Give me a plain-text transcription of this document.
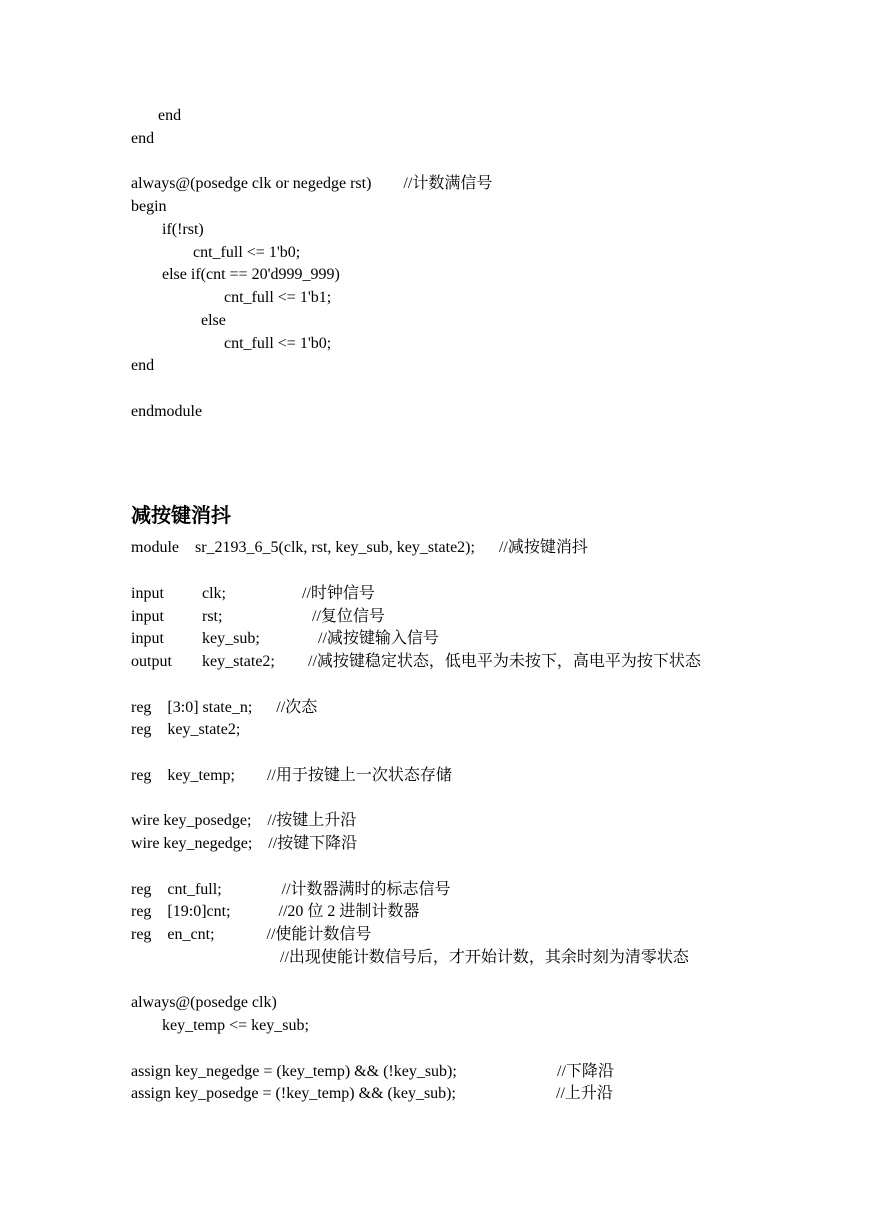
end
end
always@(posedge clk or negedge rst)        //计数满信号
begin
if(!rst)
cnt_full <= 1'b0;
else if(cnt == 20'd999_999)
cnt_full <= 1'b1;
else
cnt_full <= 1'b0;
end
endmodule
减按键消抖
module    sr_2193_6_5(clk, rst, key_sub, key_state2);      //减按键消抖
input clk;	//时钟信号
input rst;	//复位信号
input key_sub;	//减按键输入信号
output key_state2; //减按键稳定状态，低电平为未按下，高电平为按下状态
reg    [3:0] state_n;      //次态
reg    key_state2;
reg    key_temp;        //用于按键上一次状态存储
wire key_posedge;    //按键上升沿
wire key_negedge;    //按键下降沿
reg    cnt_full;               //计数器满时的标志信号
reg    [19:0]cnt;            //20 位 2 进制计数器
reg    en_cnt;             //使能计数信号
//出现使能计数信号后，才开始计数，其余时刻为清零状态
always@(posedge clk)
key_temp <= key_sub;
assign key_negedge = (key_temp) && (!key_sub);	//下降沿
assign key_posedge = (!key_temp) && (key_sub);	//上升沿
